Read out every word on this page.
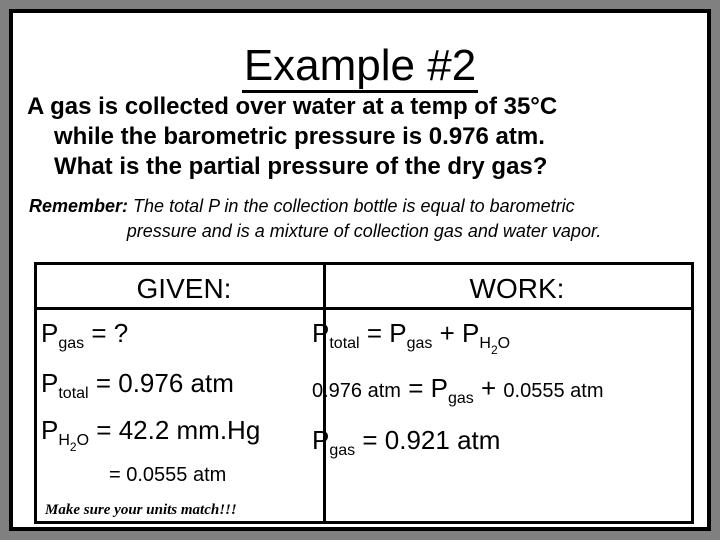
Example #2
A gas is collected over water at a temp of 35°C
while the barometric pressure is 0.976 atm.
What is the partial pressure of the dry gas?
Remember: The total P in the collection bottle is equal to barometric
pressure and is a mixture of collection gas and water vapor.
GIVEN:	WORK:
$P_{gas}$ = ?
$P_{total} = 0.976$ atm
$P_{H_2O} = 42.2$ mm.Hg
= 0.0555 atm
Make sure your units match!!!
$P_{total} = P_{gas} + P_{H_2O}$
0.976 atm = $P_{gas} + 0.0555$ atm
$P_{gas} = 0.921$ atm
